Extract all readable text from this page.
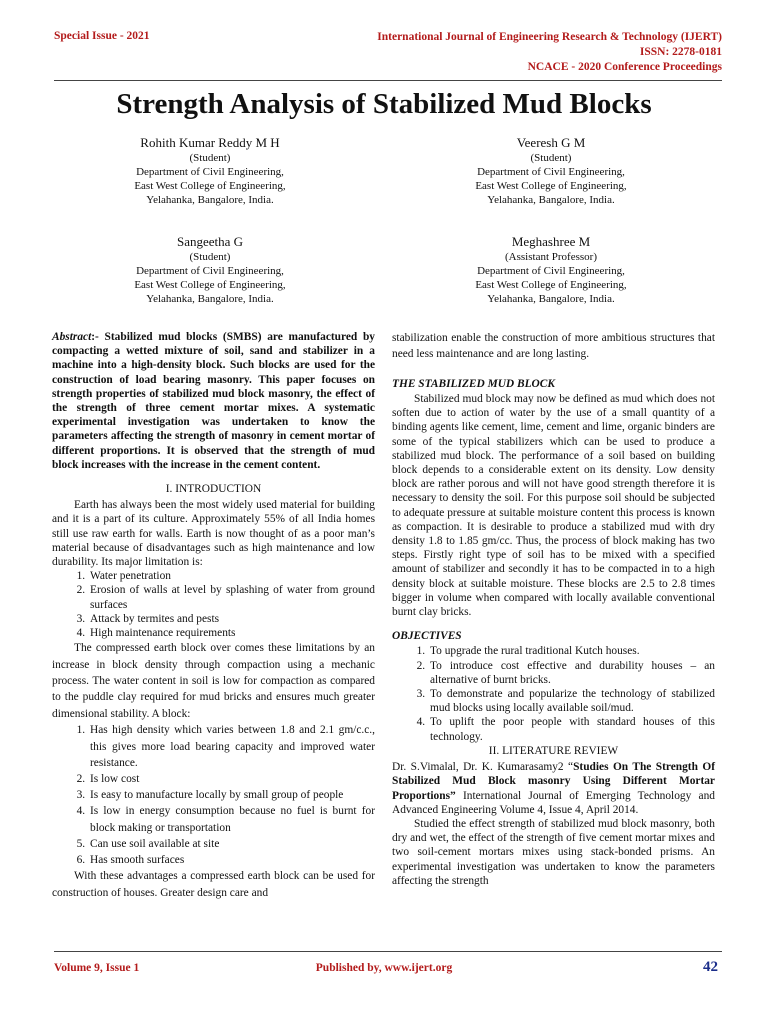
Special Issue - 2021	International Journal of Engineering Research & Technology (IJERT)
ISSN: 2278-0181
NCACE - 2020 Conference Proceedings
Strength Analysis of Stabilized Mud Blocks
Rohith Kumar Reddy M H
(Student)
Department of Civil Engineering,
East West College of Engineering,
Yelahanka, Bangalore, India.
Veeresh G M
(Student)
Department of Civil Engineering,
East West College of Engineering,
Yelahanka, Bangalore, India.
Sangeetha G
(Student)
Department of Civil Engineering,
East West College of Engineering,
Yelahanka, Bangalore, India.
Meghashree M
(Assistant Professor)
Department of Civil Engineering,
East West College of Engineering,
Yelahanka, Bangalore, India.

Abstract:- Stabilized mud blocks (SMBS) are manufactured by compacting a wetted mixture of soil, sand and stabilizer in a machine into a high-density block. Such blocks are used for the construction of load bearing masonry. This paper focuses on strength properties of stabilized mud block masonry, the effect of the strength of three cement mortar mixes. A systematic experimental investigation was undertaken to know the parameters affecting the strength of masonry in cement mortar of different proportions. It is observed that the strength of mud block increases with the increase in the cement content.

I. INTRODUCTION

Earth has always been the most widely used material for building and it is a part of its culture. Approximately 55% of all India homes still use raw earth for walls. Earth is now thought of as a poor man’s material because of disadvantages such as high maintenance and low durability. Its major limitation is:

1. Water penetration
2. Erosion of walls at level by splashing of water from ground surfaces
3. Attack by termites and pests
4. High maintenance requirements

The compressed earth block over comes these limitations by an increase in block density through compaction using a mechanic process. The water content in soil is low for compaction as compared to the puddle clay required for mud bricks and ensures much greater dimensional stability. A block:

1. Has high density which varies between 1.8 and 2.1 gm/c.c., this gives more load bearing capacity and improved water resistance.
2. Is low cost
3. Is easy to manufacture locally by small group of people
4. Is low in energy consumption because no fuel is burnt for block making or transportation
5. Can use soil available at site
6. Has smooth surfaces

With these advantages a compressed earth block can be used for construction of houses. Greater design care and

stabilization enable the construction of more ambitious structures that need less maintenance and are long lasting.

THE STABILIZED MUD BLOCK

Stabilized mud block may now be defined as mud which does not soften due to action of water by the use of a small quantity of a binding agents like cement, lime, cement and lime, organic binders are some of the typical stabilizers which can be used to produce a stabilized mud block. The performance of a soil based on building block depends to a considerable extent on its density. Low density block are rather porous and will not have good strength therefore it is necessary to density the soil. For this purpose soil should be subjected to adequate pressure at suitable moisture content this process is known as compaction. It is desirable to produce a stabilized mud with dry density 1.8 to 1.85 gm/cc. Thus, the process of block making has two steps. Firstly right type of soil has to be mixed with a specified amount of stabilizer and secondly it has to be compacted in to a high density block at suitable moisture. These blocks are 2.5 to 2.8 times bigger in volume when compared with locally available conventional burnt clay bricks.

OBJECTIVES
1. To upgrade the rural traditional Kutch houses.
2. To introduce cost effective and durability houses – an alternative of burnt bricks.
3. To demonstrate and popularize the technology of stabilized mud blocks using locally available soil/mud.
4. To uplift the poor people with standard houses of this technology.
II. LITERATURE REVIEW

Dr. S.Vimalal, Dr. K. Kumarasamy2 “Studies On The Strength Of Stabilized Mud Block masonry Using Different Mortar Proportions” International Journal of Emerging Technology and Advanced Engineering Volume 4, Issue 4, April 2014.

Studied the effect strength of stabilized mud block masonry, both dry and wet, the effect of the strength of five cement mortar mixes and two soil-cement mortars mixes using stack-bonded prisms. An experimental investigation was undertaken to know the parameters affecting the strength

Volume 9, Issue 1	Published by, www.ijert.org	42
